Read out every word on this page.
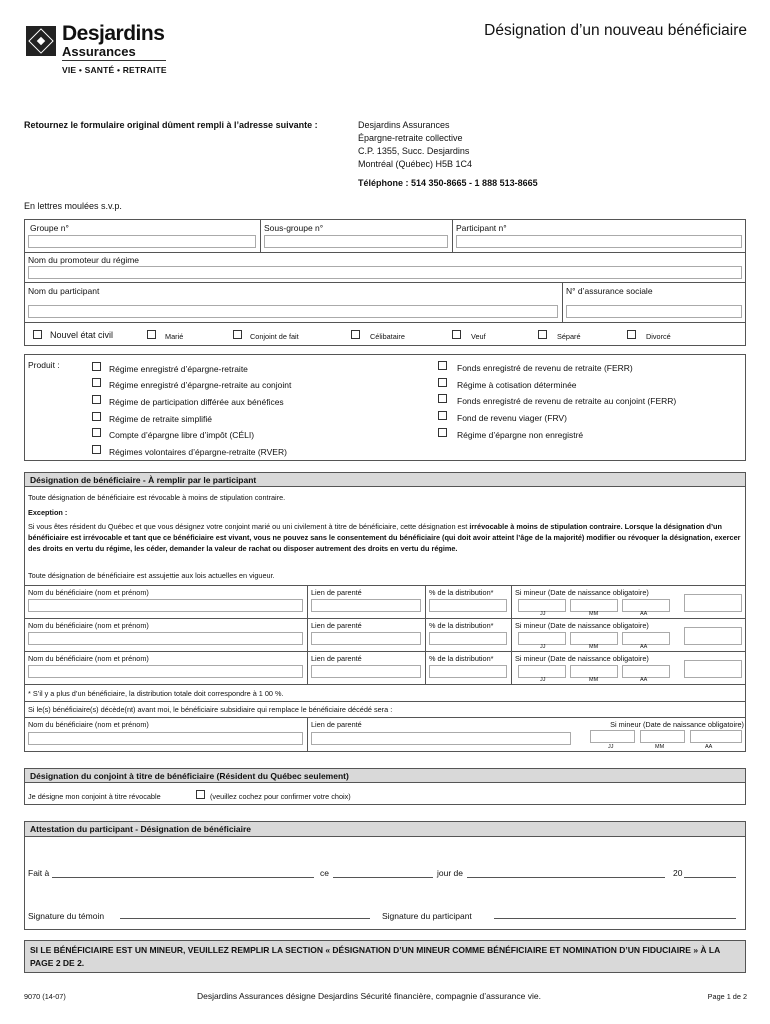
Desjardins
Assurances
VIE • SANTÉ • RETRAITE
Désignation d’un nouveau bénéficiaire
Retournez le formulaire original dûment rempli à l’adresse suivante :	Desjardins Assurances
Épargne-retraite collective
C.P. 1355, Succ. Desjardins
Montréal (Québec) H5B 1C4
Téléphone : 514 350-8665 - 1 888 513-8665
En lettres moulées s.v.p.
Groupe n°	Sous-groupe n°	Participant n°
Nom du promoteur du régime
Nom du participant	N° d’assurance sociale
Nouvel état civil	Marié	Conjoint de fait	Célibataire	Veuf	Séparé	Divorcé
Produit :	Régime enregistré d’épargne-retraite
Régime enregistré d’épargne-retraite au conjoint
Régime de participation différée aux bénéfices
Régime de retraite simplifié
Compte d’épargne libre d’impôt (CÉLI)
Régimes volontaires d’épargne-retraite (RVER)
Fonds enregistré de revenu de retraite (FERR)
Régime à cotisation déterminée
Fonds enregistré de revenu de retraite au conjoint (FERR)
Fond de revenu viager (FRV)
Régime d’épargne non enregistré
Désignation de bénéficiaire - À remplir par le participant
Toute désignation de bénéficiaire est révocable à moins de stipulation contraire.
Exception :
Si vous êtes résident du Québec et que vous désignez votre conjoint marié ou uni civilement à titre de bénéficiaire, cette désignation est irrévocable à moins de stipulation contraire. Lorsque la désignation d’un bénéficiaire est irrévocable et tant que ce bénéficiaire est vivant, vous ne pouvez sans le consentement du bénéficiaire (qui doit avoir atteint l’âge de la majorité) modifier ou révoquer la désignation, exercer des droits en vertu du régime, les céder, demander la valeur de rachat ou disposer autrement des droits en vertu du régime.
Toute désignation de bénéficiaire est assujettie aux lois actuelles en vigueur.
Nom du bénéficiaire (nom et prénom)	Lien de parenté	% de la distribution*	Si mineur (Date de naissance obligatoire)
JJ	MM	AA
Nom du bénéficiaire (nom et prénom)	Lien de parenté	% de la distribution*	Si mineur (Date de naissance obligatoire)
JJ	MM	AA
Nom du bénéficiaire (nom et prénom)	Lien de parenté	% de la distribution*	Si mineur (Date de naissance obligatoire)
JJ	MM	AA
* S’il y a plus d’un bénéficiaire, la distribution totale doit correspondre à 1 00 %.
Si le(s) bénéficiaire(s) décède(nt) avant moi, le bénéficiaire subsidiaire qui remplace le bénéficiaire décédé sera :
Nom du bénéficiaire (nom et prénom)	Lien de parenté	Si mineur (Date de naissance obligatoire)
JJ	MM	AA
Désignation du conjoint à titre de bénéficiaire (Résident du Québec seulement)
Je désigne mon conjoint à titre révocable	(veuillez cochez pour confirmer votre choix)
Attestation du participant - Désignation de bénéficiaire
Fait à	ce	jour de	20
Signature du témoin	Signature du participant
SI LE BÉNÉFICIAIRE EST UN MINEUR, VEUILLEZ REMPLIR LA SECTION « DÉSIGNATION D’UN MINEUR COMME BÉNÉFICIAIRE ET NOMINATION D’UN FIDUCIAIRE » À LA PAGE 2 DE 2.
9070 (14-07)	Desjardins Assurances désigne Desjardins Sécurité financière, compagnie d’assurance vie.	Page 1 de 2
